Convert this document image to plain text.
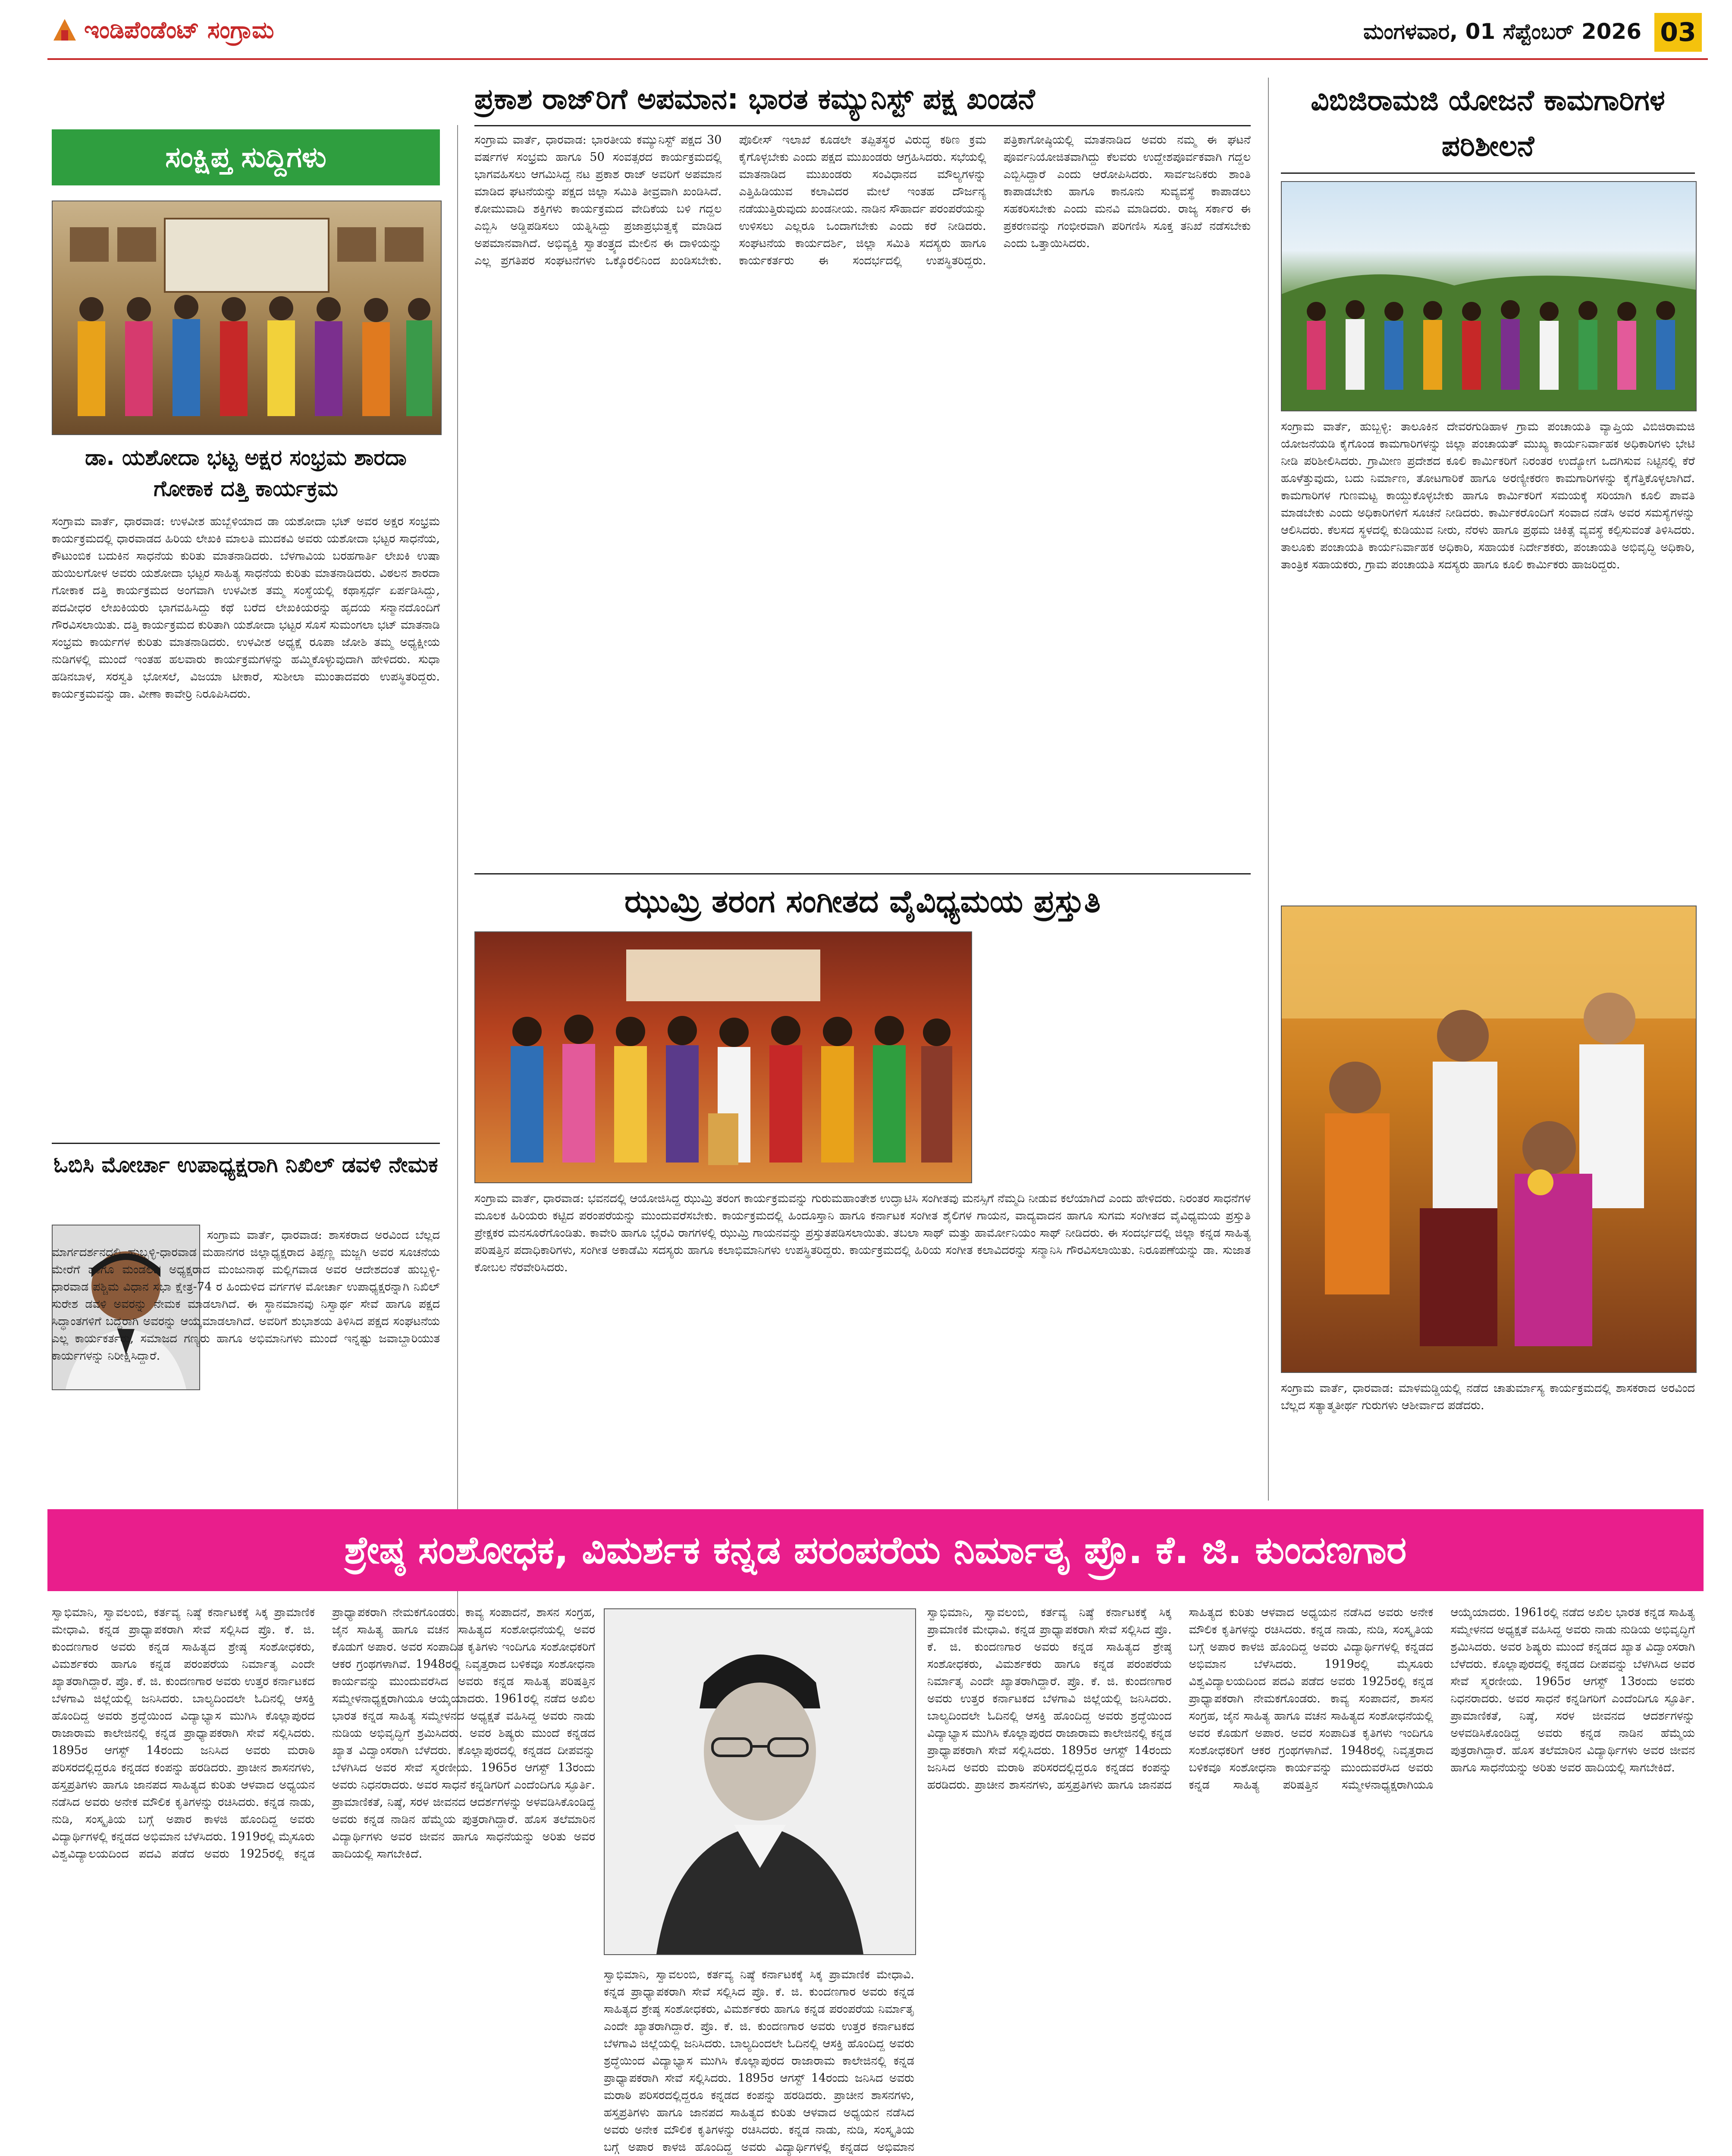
ಇಂಡಿಪೆಂಡೆಂಟ್ ಸಂಗ್ರಾಮ	ಮಂಗಳವಾರ, 01 ಸೆಪ್ಟೆಂಬರ್ 2026 03
ಸಂಕ್ಷಿಪ್ತ ಸುದ್ದಿಗಳು
ಡಾ. ಯಶೋದಾ ಭಟ್ಟ ಅಕ್ಷರ ಸಂಭ್ರಮ ಶಾರದಾ ಗೋಕಾಕ ದತ್ತಿ ಕಾರ್ಯಕ್ರಮ
ಸಂಗ್ರಾಮ ವಾರ್ತೆ, ಧಾರವಾಡ: ಉಳವೀಶ ಹುಬ್ಬೆಳಿಯಾದ ಡಾ ಯಶೋದಾ ಭಟ್ ಅವರ ಅಕ್ಷರ ಸಂಭ್ರಮ ಕಾರ್ಯಕ್ರಮದಲ್ಲಿ ಧಾರವಾಡದ ಹಿರಿಯ ಲೇಖಕಿ ಮಾಲತಿ ಮುದಕವಿ ಅವರು ಯಶೋದಾ ಭಟ್ಟರ ಸಾಧನೆಯ, ಕೌಟುಂಬಿಕ ಬದುಕಿನ ಸಾಧನೆಯ ಕುರಿತು ಮಾತನಾಡಿದರು. ಬೆಳಗಾವಿಯ ಬರಹಗಾರ್ತಿ ಲೇಖಕಿ ಉಷಾ ಹುಯಿಲಗೋಳ ಅವರು ಯಶೋದಾ ಭಟ್ಟರ ಸಾಹಿತ್ಯ ಸಾಧನೆಯ ಕುರಿತು ಮಾತನಾಡಿದರು. ವಿಠಲನ ಶಾರದಾ ಗೋಕಾಕ ದತ್ತಿ ಕಾರ್ಯಕ್ರಮದ ಅಂಗವಾಗಿ ಉಳವೀಶ ತಮ್ಮ ಸಂಸ್ಥೆಯಲ್ಲಿ ಕಥಾಸ್ಪರ್ಧೆ ಏರ್ಪಡಿಸಿದ್ದು, ಪದವೀಧರ ಲೇಖಕಿಯರು ಭಾಗವಹಿಸಿದ್ದು ಕಥೆ ಬರೆದ ಲೇಖಕಿಯರನ್ನು ಹೃದಯ ಸನ್ಮಾನದೊಂದಿಗೆ ಗೌರವಿಸಲಾಯಿತು. ದತ್ತಿ ಕಾರ್ಯಕ್ರಮದ ಕುರಿತಾಗಿ ಯಶೋದಾ ಭಟ್ಟರ ಸೊಸೆ ಸುಮಂಗಲಾ ಭಟ್ ಮಾತನಾಡಿ ಸಂಭ್ರಮ ಕಾರ್ಯಗಳ ಕುರಿತು ಮಾತನಾಡಿದರು. ಉಳವೀಶ ಅಧ್ಯಕ್ಷೆ ರೂಪಾ ಜೋಶಿ ತಮ್ಮ ಅಧ್ಯಕ್ಷೀಯ ನುಡಿಗಳಲ್ಲಿ ಮುಂದೆ ಇಂತಹ ಹಲವಾರು ಕಾರ್ಯಕ್ರಮಗಳನ್ನು ಹಮ್ಮಿಕೊಳ್ಳುವುದಾಗಿ ಹೇಳಿದರು. ಸುಧಾ ಹಡಿನಬಾಳ, ಸರಸ್ವತಿ ಭೋಸಲೆ, ವಿಜಯಾ ಟೀಕಾರೆ, ಸುಶೀಲಾ ಮುಂತಾದವರು ಉಪಸ್ಥಿತರಿದ್ದರು. ಕಾರ್ಯಕ್ರಮವನ್ನು ಡಾ. ವೀಣಾ ಕಾವೇರ್‍ರಿ ನಿರೂಪಿಸಿದರು.
ಓಬಿಸಿ ಮೋರ್ಚಾ ಉಪಾಧ್ಯಕ್ಷರಾಗಿ ನಿಖಿಲ್ ಡವಳಿ ನೇಮಕ
ಸಂಗ್ರಾಮ ವಾರ್ತೆ, ಧಾರವಾಡ: ಶಾಸಕರಾದ ಅರವಿಂದ ಬೆಲ್ಲದ ಮಾರ್ಗದರ್ಶನದಲ್ಲಿ ಹುಬ್ಬಳ್ಳಿ-ಧಾರವಾಡ ಮಹಾನಗರ ಜಿಲ್ಲಾಧ್ಯಕ್ಷರಾದ ತಿಪ್ಪಣ್ಣ ಮಜ್ಜಗಿ ಅವರ ಸೂಚನೆಯ ಮೇರೆಗೆ ಹಾಗೂ ಮಂಡಲದ ಅಧ್ಯಕ್ಷರಾದ ಮಂಜುನಾಥ ಮಲ್ಲಿಗವಾಡ ಅವರ ಆದೇಶದಂತೆ ಹುಬ್ಬಳ್ಳಿ-ಧಾರವಾಡ ಪಶ್ಚಿಮ ವಿಧಾನ ಸಭಾ ಕ್ಷೇತ್ರ-74 ರ ಹಿಂದುಳಿದ ವರ್ಗಗಳ ಮೋರ್ಚಾ ಉಪಾಧ್ಯಕ್ಷರನ್ನಾಗಿ ನಿಖಿಲ್ ಸುರೇಶ ಡವಳಿ ಅವರನ್ನು ನೇಮಕ ಮಾಡಲಾಗಿದೆ. ಈ ಸ್ಥಾನಮಾನವು ನಿಸ್ವಾರ್ಥ ಸೇವೆ ಹಾಗೂ ಪಕ್ಷದ ಸಿದ್ಧಾಂತಗಳಿಗೆ ಬದ್ಧರಾಗಿ ಅವರನ್ನು ಆಯ್ಕೆಮಾಡಲಾಗಿದೆ. ಅವರಿಗೆ ಶುಭಾಶಯ ತಿಳಿಸಿದ ಪಕ್ಷದ ಸಂಘಟನೆಯ ಎಲ್ಲ ಕಾರ್ಯಕರ್ತರು, ಸಮಾಜದ ಗಣ್ಯರು ಹಾಗೂ ಅಭಿಮಾನಿಗಳು ಮುಂದೆ ಇನ್ನಷ್ಟು ಜವಾಬ್ದಾರಿಯುತ ಕಾರ್ಯಗಳನ್ನು ನಿರೀಕ್ಷಿಸಿದ್ದಾರೆ.
ಪ್ರಕಾಶ ರಾಜ್‌ರಿಗೆ ಅಪಮಾನ: ಭಾರತ ಕಮ್ಯುನಿಸ್ಟ್ ಪಕ್ಷ ಖಂಡನೆ
ಸಂಗ್ರಾಮ ವಾರ್ತೆ, ಧಾರವಾಡ: ಭಾರತೀಯ ಕಮ್ಯುನಿಸ್ಟ್ ಪಕ್ಷದ 30 ವರ್ಷಗಳ ಸಂಭ್ರಮ ಹಾಗೂ 50 ಸಂವತ್ಸರದ ಕಾರ್ಯಕ್ರಮದಲ್ಲಿ ಭಾಗವಹಿಸಲು ಆಗಮಿಸಿದ್ದ ನಟ ಪ್ರಕಾಶ ರಾಜ್ ಅವರಿಗೆ ಅಪಮಾನ ಮಾಡಿದ ಘಟನೆಯನ್ನು ಪಕ್ಷದ ಜಿಲ್ಲಾ ಸಮಿತಿ ತೀವ್ರವಾಗಿ ಖಂಡಿಸಿದೆ. ಕೋಮುವಾದಿ ಶಕ್ತಿಗಳು ಕಾರ್ಯಕ್ರಮದ ವೇದಿಕೆಯ ಬಳಿ ಗದ್ದಲ ಎಬ್ಬಿಸಿ ಅಡ್ಡಿಪಡಿಸಲು ಯತ್ನಿಸಿದ್ದು ಪ್ರಜಾಪ್ರಭುತ್ವಕ್ಕೆ ಮಾಡಿದ ಅಪಮಾನವಾಗಿದೆ. ಅಭಿವ್ಯಕ್ತಿ ಸ್ವಾತಂತ್ರ್ಯದ ಮೇಲಿನ ಈ ದಾಳಿಯನ್ನು ಎಲ್ಲ ಪ್ರಗತಿಪರ ಸಂಘಟನೆಗಳು ಒಕ್ಕೊರಲಿನಿಂದ ಖಂಡಿಸಬೇಕು. ಪೊಲೀಸ್ ಇಲಾಖೆ ಕೂಡಲೇ ತಪ್ಪಿತಸ್ಥರ ವಿರುದ್ಧ ಕಠಿಣ ಕ್ರಮ ಕೈಗೊಳ್ಳಬೇಕು ಎಂದು ಪಕ್ಷದ ಮುಖಂಡರು ಆಗ್ರಹಿಸಿದರು. ಸಭೆಯಲ್ಲಿ ಮಾತನಾಡಿದ ಮುಖಂಡರು ಸಂವಿಧಾನದ ಮೌಲ್ಯಗಳನ್ನು ಎತ್ತಿಹಿಡಿಯುವ ಕಲಾವಿದರ ಮೇಲೆ ಇಂತಹ ದೌರ್ಜನ್ಯ ನಡೆಯುತ್ತಿರುವುದು ಖಂಡನೀಯ. ನಾಡಿನ ಸೌಹಾರ್ದ ಪರಂಪರೆಯನ್ನು ಉಳಿಸಲು ಎಲ್ಲರೂ ಒಂದಾಗಬೇಕು ಎಂದು ಕರೆ ನೀಡಿದರು. ಸಂಘಟನೆಯ ಕಾರ್ಯದರ್ಶಿ, ಜಿಲ್ಲಾ ಸಮಿತಿ ಸದಸ್ಯರು ಹಾಗೂ ಕಾರ್ಯಕರ್ತರು ಈ ಸಂದರ್ಭದಲ್ಲಿ ಉಪಸ್ಥಿತರಿದ್ದರು. ಪತ್ರಿಕಾಗೋಷ್ಠಿಯಲ್ಲಿ ಮಾತನಾಡಿದ ಅವರು ನಮ್ಮ ಈ ಘಟನೆ ಪೂರ್ವನಿಯೋಜಿತವಾಗಿದ್ದು ಕೆಲವರು ಉದ್ದೇಶಪೂರ್ವಕವಾಗಿ ಗದ್ದಲ ಎಬ್ಬಿಸಿದ್ದಾರೆ ಎಂದು ಆರೋಪಿಸಿದರು. ಸಾರ್ವಜನಿಕರು ಶಾಂತಿ ಕಾಪಾಡಬೇಕು ಹಾಗೂ ಕಾನೂನು ಸುವ್ಯವಸ್ಥೆ ಕಾಪಾಡಲು ಸಹಕರಿಸಬೇಕು ಎಂದು ಮನವಿ ಮಾಡಿದರು. ರಾಜ್ಯ ಸರ್ಕಾರ ಈ ಪ್ರಕರಣವನ್ನು ಗಂಭೀರವಾಗಿ ಪರಿಗಣಿಸಿ ಸೂಕ್ತ ತನಿಖೆ ನಡೆಸಬೇಕು ಎಂದು ಒತ್ತಾಯಿಸಿದರು.
ಝುಮ್ರಿ ತರಂಗ ಸಂಗೀತದ ವೈವಿಧ್ಯಮಯ ಪ್ರಸ್ತುತಿ
ಸಂಗ್ರಾಮ ವಾರ್ತೆ, ಧಾರವಾಡ: ಭವನದಲ್ಲಿ ಆಯೋಜಿಸಿದ್ದ ಝುಮ್ರಿ ತರಂಗ ಕಾರ್ಯಕ್ರಮವನ್ನು ಗುರುಮಹಾಂತೇಶ ಉದ್ಘಾಟಿಸಿ ಸಂಗೀತವು ಮನಸ್ಸಿಗೆ ನೆಮ್ಮದಿ ನೀಡುವ ಕಲೆಯಾಗಿದೆ ಎಂದು ಹೇಳಿದರು. ನಿರಂತರ ಸಾಧನೆಗಳ ಮೂಲಕ ಹಿರಿಯರು ಕಟ್ಟಿದ ಪರಂಪರೆಯನ್ನು ಮುಂದುವರೆಸಬೇಕು. ಕಾರ್ಯಕ್ರಮದಲ್ಲಿ ಹಿಂದೂಸ್ತಾನಿ ಹಾಗೂ ಕರ್ನಾಟಕ ಸಂಗೀತ ಶೈಲಿಗಳ ಗಾಯನ, ವಾದ್ಯವಾದನ ಹಾಗೂ ಸುಗಮ ಸಂಗೀತದ ವೈವಿಧ್ಯಮಯ ಪ್ರಸ್ತುತಿ ಪ್ರೇಕ್ಷಕರ ಮನಸೂರೆಗೊಂಡಿತು. ಕಾವೇರಿ ಹಾಗೂ ಭೈರವಿ ರಾಗಗಳಲ್ಲಿ ಝುಮ್ರಿ ಗಾಯನವನ್ನು ಪ್ರಸ್ತುತಪಡಿಸಲಾಯಿತು. ತಬಲಾ ಸಾಥ್ ಮತ್ತು ಹಾರ್ಮೋನಿಯಂ ಸಾಥ್ ನೀಡಿದರು. ಈ ಸಂದರ್ಭದಲ್ಲಿ ಜಿಲ್ಲಾ ಕನ್ನಡ ಸಾಹಿತ್ಯ ಪರಿಷತ್ತಿನ ಪದಾಧಿಕಾರಿಗಳು, ಸಂಗೀತ ಅಕಾಡೆಮಿ ಸದಸ್ಯರು ಹಾಗೂ ಕಲಾಭಿಮಾನಿಗಳು ಉಪಸ್ಥಿತರಿದ್ದರು. ಕಾರ್ಯಕ್ರಮದಲ್ಲಿ ಹಿರಿಯ ಸಂಗೀತ ಕಲಾವಿದರನ್ನು ಸನ್ಮಾನಿಸಿ ಗೌರವಿಸಲಾಯಿತು. ನಿರೂಪಣೆಯನ್ನು ಡಾ. ಸುಜಾತ ಕೋಬಲ ನೆರವೇರಿಸಿದರು.
ವಿಬಿಜಿರಾಮಜಿ ಯೋಜನೆ ಕಾಮಗಾರಿಗಳ ಪರಿಶೀಲನೆ
ಸಂಗ್ರಾಮ ವಾರ್ತೆ, ಹುಬ್ಬಳ್ಳಿ: ತಾಲೂಕಿನ ದೇವರಗುಡಿಹಾಳ ಗ್ರಾಮ ಪಂಚಾಯತಿ ವ್ಯಾಪ್ತಿಯ ವಿಬಿಜಿರಾಮಜಿ ಯೋಜನೆಯಡಿ ಕೈಗೊಂಡ ಕಾಮಗಾರಿಗಳನ್ನು ಜಿಲ್ಲಾ ಪಂಚಾಯತ್ ಮುಖ್ಯ ಕಾರ್ಯನಿರ್ವಾಹಕ ಅಧಿಕಾರಿಗಳು ಭೇಟಿ ನೀಡಿ ಪರಿಶೀಲಿಸಿದರು. ಗ್ರಾಮೀಣ ಪ್ರದೇಶದ ಕೂಲಿ ಕಾರ್ಮಿಕರಿಗೆ ನಿರಂತರ ಉದ್ಯೋಗ ಒದಗಿಸುವ ನಿಟ್ಟಿನಲ್ಲಿ ಕೆರೆ ಹೂಳೆತ್ತುವುದು, ಬದು ನಿರ್ಮಾಣ, ತೋಟಗಾರಿಕೆ ಹಾಗೂ ಅರಣ್ಯೀಕರಣ ಕಾಮಗಾರಿಗಳನ್ನು ಕೈಗೆತ್ತಿಕೊಳ್ಳಲಾಗಿದೆ. ಕಾಮಗಾರಿಗಳ ಗುಣಮಟ್ಟ ಕಾಯ್ದುಕೊಳ್ಳಬೇಕು ಹಾಗೂ ಕಾರ್ಮಿಕರಿಗೆ ಸಮಯಕ್ಕೆ ಸರಿಯಾಗಿ ಕೂಲಿ ಪಾವತಿ ಮಾಡಬೇಕು ಎಂದು ಅಧಿಕಾರಿಗಳಿಗೆ ಸೂಚನೆ ನೀಡಿದರು. ಕಾರ್ಮಿಕರೊಂದಿಗೆ ಸಂವಾದ ನಡೆಸಿ ಅವರ ಸಮಸ್ಯೆಗಳನ್ನು ಆಲಿಸಿದರು. ಕೆಲಸದ ಸ್ಥಳದಲ್ಲಿ ಕುಡಿಯುವ ನೀರು, ನೆರಳು ಹಾಗೂ ಪ್ರಥಮ ಚಿಕಿತ್ಸೆ ವ್ಯವಸ್ಥೆ ಕಲ್ಪಿಸುವಂತೆ ತಿಳಿಸಿದರು. ತಾಲೂಕು ಪಂಚಾಯತಿ ಕಾರ್ಯನಿರ್ವಾಹಕ ಅಧಿಕಾರಿ, ಸಹಾಯಕ ನಿರ್ದೇಶಕರು, ಪಂಚಾಯತಿ ಅಭಿವೃದ್ಧಿ ಅಧಿಕಾರಿ, ತಾಂತ್ರಿಕ ಸಹಾಯಕರು, ಗ್ರಾಮ ಪಂಚಾಯತಿ ಸದಸ್ಯರು ಹಾಗೂ ಕೂಲಿ ಕಾರ್ಮಿಕರು ಹಾಜರಿದ್ದರು.
ಸಂಗ್ರಾಮ ವಾರ್ತೆ, ಧಾರವಾಡ: ಮಾಳಮಡ್ಡಿಯಲ್ಲಿ ನಡೆದ ಚಾತುರ್ಮಾಸ್ಯ ಕಾರ್ಯಕ್ರಮದಲ್ಲಿ ಶಾಸಕರಾದ ಅರವಿಂದ ಬೆಲ್ಲದ ಸತ್ಯಾತ್ಮತೀರ್ಥ ಗುರುಗಳು ಆಶೀರ್ವಾದ ಪಡೆದರು.
ಶ್ರೇಷ್ಠ ಸಂಶೋಧಕ, ವಿಮರ್ಶಕ ಕನ್ನಡ ಪರಂಪರೆಯ ನಿರ್ಮಾತೃ ಪ್ರೊ. ಕೆ. ಜಿ. ಕುಂದಣಗಾರ
ಸ್ವಾಭಿಮಾನಿ, ಸ್ವಾವಲಂಬಿ, ಕರ್ತವ್ಯ ನಿಷ್ಠೆ ಕರ್ನಾಟಕಕ್ಕೆ ಸಿಕ್ಕ ಪ್ರಾಮಾಣಿಕ ಮೇಧಾವಿ. ಕನ್ನಡ ಪ್ರಾಧ್ಯಾಪಕರಾಗಿ ಸೇವೆ ಸಲ್ಲಿಸಿದ ಪ್ರೊ. ಕೆ. ಜಿ. ಕುಂದಣಗಾರ ಅವರು ಕನ್ನಡ ಸಾಹಿತ್ಯದ ಶ್ರೇಷ್ಠ ಸಂಶೋಧಕರು, ವಿಮರ್ಶಕರು ಹಾಗೂ ಕನ್ನಡ ಪರಂಪರೆಯ ನಿರ್ಮಾತೃ ಎಂದೇ ಖ್ಯಾತರಾಗಿದ್ದಾರೆ. ಪ್ರೊ. ಕೆ. ಜಿ. ಕುಂದಣಗಾರ ಅವರು ಉತ್ತರ ಕರ್ನಾಟಕದ ಬೆಳಗಾವಿ ಜಿಲ್ಲೆಯಲ್ಲಿ ಜನಿಸಿದರು. ಬಾಲ್ಯದಿಂದಲೇ ಓದಿನಲ್ಲಿ ಆಸಕ್ತಿ ಹೊಂದಿದ್ದ ಅವರು ಶ್ರದ್ಧೆಯಿಂದ ವಿದ್ಯಾಭ್ಯಾಸ ಮುಗಿಸಿ ಕೊಲ್ಲಾಪುರದ ರಾಜಾರಾಮ ಕಾಲೇಜಿನಲ್ಲಿ ಕನ್ನಡ ಪ್ರಾಧ್ಯಾಪಕರಾಗಿ ಸೇವೆ ಸಲ್ಲಿಸಿದರು. 1895ರ ಆಗಸ್ಟ್ 14ರಂದು ಜನಿಸಿದ ಅವರು ಮರಾಠಿ ಪರಿಸರದಲ್ಲಿದ್ದರೂ ಕನ್ನಡದ ಕಂಪನ್ನು ಹರಡಿದರು. ಪ್ರಾಚೀನ ಶಾಸನಗಳು, ಹಸ್ತಪ್ರತಿಗಳು ಹಾಗೂ ಜಾನಪದ ಸಾಹಿತ್ಯದ ಕುರಿತು ಆಳವಾದ ಅಧ್ಯಯನ ನಡೆಸಿದ ಅವರು ಅನೇಕ ಮೌಲಿಕ ಕೃತಿಗಳನ್ನು ರಚಿಸಿದರು. ಕನ್ನಡ ನಾಡು, ನುಡಿ, ಸಂಸ್ಕೃತಿಯ ಬಗ್ಗೆ ಅಪಾರ ಕಾಳಜಿ ಹೊಂದಿದ್ದ ಅವರು ವಿದ್ಯಾರ್ಥಿಗಳಲ್ಲಿ ಕನ್ನಡದ ಅಭಿಮಾನ ಬೆಳೆಸಿದರು. 1919ರಲ್ಲಿ ಮೈಸೂರು ವಿಶ್ವವಿದ್ಯಾಲಯದಿಂದ ಪದವಿ ಪಡೆದ ಅವರು 1925ರಲ್ಲಿ ಕನ್ನಡ ಪ್ರಾಧ್ಯಾಪಕರಾಗಿ ನೇಮಕಗೊಂಡರು. ಕಾವ್ಯ ಸಂಪಾದನೆ, ಶಾಸನ ಸಂಗ್ರಹ, ಜೈನ ಸಾಹಿತ್ಯ ಹಾಗೂ ವಚನ ಸಾಹಿತ್ಯದ ಸಂಶೋಧನೆಯಲ್ಲಿ ಅವರ ಕೊಡುಗೆ ಅಪಾರ. ಅವರ ಸಂಪಾದಿತ ಕೃತಿಗಳು ಇಂದಿಗೂ ಸಂಶೋಧಕರಿಗೆ ಆಕರ ಗ್ರಂಥಗಳಾಗಿವೆ. 1948ರಲ್ಲಿ ನಿವೃತ್ತರಾದ ಬಳಿಕವೂ ಸಂಶೋಧನಾ ಕಾರ್ಯವನ್ನು ಮುಂದುವರೆಸಿದ ಅವರು ಕನ್ನಡ ಸಾಹಿತ್ಯ ಪರಿಷತ್ತಿನ ಸಮ್ಮೇಳನಾಧ್ಯಕ್ಷರಾಗಿಯೂ ಆಯ್ಕೆಯಾದರು. 1961ರಲ್ಲಿ ನಡೆದ ಅಖಿಲ ಭಾರತ ಕನ್ನಡ ಸಾಹಿತ್ಯ ಸಮ್ಮೇಳನದ ಅಧ್ಯಕ್ಷತೆ ವಹಿಸಿದ್ದ ಅವರು ನಾಡು ನುಡಿಯ ಅಭಿವೃದ್ಧಿಗೆ ಶ್ರಮಿಸಿದರು. ಅವರ ಶಿಷ್ಯರು ಮುಂದೆ ಕನ್ನಡದ ಖ್ಯಾತ ವಿದ್ವಾಂಸರಾಗಿ ಬೆಳೆದರು. ಕೊಲ್ಲಾಪುರದಲ್ಲಿ ಕನ್ನಡದ ದೀಪವನ್ನು ಬೆಳಗಿಸಿದ ಅವರ ಸೇವೆ ಸ್ಮರಣೀಯ. 1965ರ ಆಗಸ್ಟ್ 13ರಂದು ಅವರು ನಿಧನರಾದರು. ಅವರ ಸಾಧನೆ ಕನ್ನಡಿಗರಿಗೆ ಎಂದೆಂದಿಗೂ ಸ್ಫೂರ್ತಿ. ಪ್ರಾಮಾಣಿಕತೆ, ನಿಷ್ಠೆ, ಸರಳ ಜೀವನದ ಆದರ್ಶಗಳನ್ನು ಅಳವಡಿಸಿಕೊಂಡಿದ್ದ ಅವರು ಕನ್ನಡ ನಾಡಿನ ಹೆಮ್ಮೆಯ ಪುತ್ರರಾಗಿದ್ದಾರೆ. ಹೊಸ ತಲೆಮಾರಿನ ವಿದ್ಯಾರ್ಥಿಗಳು ಅವರ ಜೀವನ ಹಾಗೂ ಸಾಧನೆಯನ್ನು ಅರಿತು ಅವರ ಹಾದಿಯಲ್ಲಿ ಸಾಗಬೇಕಿದೆ.
ಸ್ವಾಭಿಮಾನಿ, ಸ್ವಾವಲಂಬಿ, ಕರ್ತವ್ಯ ನಿಷ್ಠೆ ಕರ್ನಾಟಕಕ್ಕೆ ಸಿಕ್ಕ ಪ್ರಾಮಾಣಿಕ ಮೇಧಾವಿ. ಕನ್ನಡ ಪ್ರಾಧ್ಯಾಪಕರಾಗಿ ಸೇವೆ ಸಲ್ಲಿಸಿದ ಪ್ರೊ. ಕೆ. ಜಿ. ಕುಂದಣಗಾರ ಅವರು ಕನ್ನಡ ಸಾಹಿತ್ಯದ ಶ್ರೇಷ್ಠ ಸಂಶೋಧಕರು, ವಿಮರ್ಶಕರು ಹಾಗೂ ಕನ್ನಡ ಪರಂಪರೆಯ ನಿರ್ಮಾತೃ ಎಂದೇ ಖ್ಯಾತರಾಗಿದ್ದಾರೆ. ಪ್ರೊ. ಕೆ. ಜಿ. ಕುಂದಣಗಾರ ಅವರು ಉತ್ತರ ಕರ್ನಾಟಕದ ಬೆಳಗಾವಿ ಜಿಲ್ಲೆಯಲ್ಲಿ ಜನಿಸಿದರು. ಬಾಲ್ಯದಿಂದಲೇ ಓದಿನಲ್ಲಿ ಆಸಕ್ತಿ ಹೊಂದಿದ್ದ ಅವರು ಶ್ರದ್ಧೆಯಿಂದ ವಿದ್ಯಾಭ್ಯಾಸ ಮುಗಿಸಿ ಕೊಲ್ಲಾಪುರದ ರಾಜಾರಾಮ ಕಾಲೇಜಿನಲ್ಲಿ ಕನ್ನಡ ಪ್ರಾಧ್ಯಾಪಕರಾಗಿ ಸೇವೆ ಸಲ್ಲಿಸಿದರು. 1895ರ ಆಗಸ್ಟ್ 14ರಂದು ಜನಿಸಿದ ಅವರು ಮರಾಠಿ ಪರಿಸರದಲ್ಲಿದ್ದರೂ ಕನ್ನಡದ ಕಂಪನ್ನು ಹರಡಿದರು. ಪ್ರಾಚೀನ ಶಾಸನಗಳು, ಹಸ್ತಪ್ರತಿಗಳು ಹಾಗೂ ಜಾನಪದ ಸಾಹಿತ್ಯದ ಕುರಿತು ಆಳವಾದ ಅಧ್ಯಯನ ನಡೆಸಿದ ಅವರು ಅನೇಕ ಮೌಲಿಕ ಕೃತಿಗಳನ್ನು ರಚಿಸಿದರು. ಕನ್ನಡ ನಾಡು, ನುಡಿ, ಸಂಸ್ಕೃತಿಯ ಬಗ್ಗೆ ಅಪಾರ ಕಾಳಜಿ ಹೊಂದಿದ್ದ ಅವರು ವಿದ್ಯಾರ್ಥಿಗಳಲ್ಲಿ ಕನ್ನಡದ ಅಭಿಮಾನ
ಸ್ವಾಭಿಮಾನಿ, ಸ್ವಾವಲಂಬಿ, ಕರ್ತವ್ಯ ನಿಷ್ಠೆ ಕರ್ನಾಟಕಕ್ಕೆ ಸಿಕ್ಕ ಪ್ರಾಮಾಣಿಕ ಮೇಧಾವಿ. ಕನ್ನಡ ಪ್ರಾಧ್ಯಾಪಕರಾಗಿ ಸೇವೆ ಸಲ್ಲಿಸಿದ ಪ್ರೊ. ಕೆ. ಜಿ. ಕುಂದಣಗಾರ ಅವರು ಕನ್ನಡ ಸಾಹಿತ್ಯದ ಶ್ರೇಷ್ಠ ಸಂಶೋಧಕರು, ವಿಮರ್ಶಕರು ಹಾಗೂ ಕನ್ನಡ ಪರಂಪರೆಯ ನಿರ್ಮಾತೃ ಎಂದೇ ಖ್ಯಾತರಾಗಿದ್ದಾರೆ. ಪ್ರೊ. ಕೆ. ಜಿ. ಕುಂದಣಗಾರ ಅವರು ಉತ್ತರ ಕರ್ನಾಟಕದ ಬೆಳಗಾವಿ ಜಿಲ್ಲೆಯಲ್ಲಿ ಜನಿಸಿದರು. ಬಾಲ್ಯದಿಂದಲೇ ಓದಿನಲ್ಲಿ ಆಸಕ್ತಿ ಹೊಂದಿದ್ದ ಅವರು ಶ್ರದ್ಧೆಯಿಂದ ವಿದ್ಯಾಭ್ಯಾಸ ಮುಗಿಸಿ ಕೊಲ್ಲಾಪುರದ ರಾಜಾರಾಮ ಕಾಲೇಜಿನಲ್ಲಿ ಕನ್ನಡ ಪ್ರಾಧ್ಯಾಪಕರಾಗಿ ಸೇವೆ ಸಲ್ಲಿಸಿದರು. 1895ರ ಆಗಸ್ಟ್ 14ರಂದು ಜನಿಸಿದ ಅವರು ಮರಾಠಿ ಪರಿಸರದಲ್ಲಿದ್ದರೂ ಕನ್ನಡದ ಕಂಪನ್ನು ಹರಡಿದರು. ಪ್ರಾಚೀನ ಶಾಸನಗಳು, ಹಸ್ತಪ್ರತಿಗಳು ಹಾಗೂ ಜಾನಪದ ಸಾಹಿತ್ಯದ ಕುರಿತು ಆಳವಾದ ಅಧ್ಯಯನ ನಡೆಸಿದ ಅವರು ಅನೇಕ ಮೌಲಿಕ ಕೃತಿಗಳನ್ನು ರಚಿಸಿದರು. ಕನ್ನಡ ನಾಡು, ನುಡಿ, ಸಂಸ್ಕೃತಿಯ ಬಗ್ಗೆ ಅಪಾರ ಕಾಳಜಿ ಹೊಂದಿದ್ದ ಅವರು ವಿದ್ಯಾರ್ಥಿಗಳಲ್ಲಿ ಕನ್ನಡದ ಅಭಿಮಾನ ಬೆಳೆಸಿದರು. 1919ರಲ್ಲಿ ಮೈಸೂರು ವಿಶ್ವವಿದ್ಯಾಲಯದಿಂದ ಪದವಿ ಪಡೆದ ಅವರು 1925ರಲ್ಲಿ ಕನ್ನಡ ಪ್ರಾಧ್ಯಾಪಕರಾಗಿ ನೇಮಕಗೊಂಡರು. ಕಾವ್ಯ ಸಂಪಾದನೆ, ಶಾಸನ ಸಂಗ್ರಹ, ಜೈನ ಸಾಹಿತ್ಯ ಹಾಗೂ ವಚನ ಸಾಹಿತ್ಯದ ಸಂಶೋಧನೆಯಲ್ಲಿ ಅವರ ಕೊಡುಗೆ ಅಪಾರ. ಅವರ ಸಂಪಾದಿತ ಕೃತಿಗಳು ಇಂದಿಗೂ ಸಂಶೋಧಕರಿಗೆ ಆಕರ ಗ್ರಂಥಗಳಾಗಿವೆ. 1948ರಲ್ಲಿ ನಿವೃತ್ತರಾದ ಬಳಿಕವೂ ಸಂಶೋಧನಾ ಕಾರ್ಯವನ್ನು ಮುಂದುವರೆಸಿದ ಅವರು ಕನ್ನಡ ಸಾಹಿತ್ಯ ಪರಿಷತ್ತಿನ ಸಮ್ಮೇಳನಾಧ್ಯಕ್ಷರಾಗಿಯೂ ಆಯ್ಕೆಯಾದರು. 1961ರಲ್ಲಿ ನಡೆದ ಅಖಿಲ ಭಾರತ ಕನ್ನಡ ಸಾಹಿತ್ಯ ಸಮ್ಮೇಳನದ ಅಧ್ಯಕ್ಷತೆ ವಹಿಸಿದ್ದ ಅವರು ನಾಡು ನುಡಿಯ ಅಭಿವೃದ್ಧಿಗೆ ಶ್ರಮಿಸಿದರು. ಅವರ ಶಿಷ್ಯರು ಮುಂದೆ ಕನ್ನಡದ ಖ್ಯಾತ ವಿದ್ವಾಂಸರಾಗಿ ಬೆಳೆದರು. ಕೊಲ್ಲಾಪುರದಲ್ಲಿ ಕನ್ನಡದ ದೀಪವನ್ನು ಬೆಳಗಿಸಿದ ಅವರ ಸೇವೆ ಸ್ಮರಣೀಯ. 1965ರ ಆಗಸ್ಟ್ 13ರಂದು ಅವರು ನಿಧನರಾದರು. ಅವರ ಸಾಧನೆ ಕನ್ನಡಿಗರಿಗೆ ಎಂದೆಂದಿಗೂ ಸ್ಫೂರ್ತಿ. ಪ್ರಾಮಾಣಿಕತೆ, ನಿಷ್ಠೆ, ಸರಳ ಜೀವನದ ಆದರ್ಶಗಳನ್ನು ಅಳವಡಿಸಿಕೊಂಡಿದ್ದ ಅವರು ಕನ್ನಡ ನಾಡಿನ ಹೆಮ್ಮೆಯ ಪುತ್ರರಾಗಿದ್ದಾರೆ. ಹೊಸ ತಲೆಮಾರಿನ ವಿದ್ಯಾರ್ಥಿಗಳು ಅವರ ಜೀವನ ಹಾಗೂ ಸಾಧನೆಯನ್ನು ಅರಿತು ಅವರ ಹಾದಿಯಲ್ಲಿ ಸಾಗಬೇಕಿದೆ.
